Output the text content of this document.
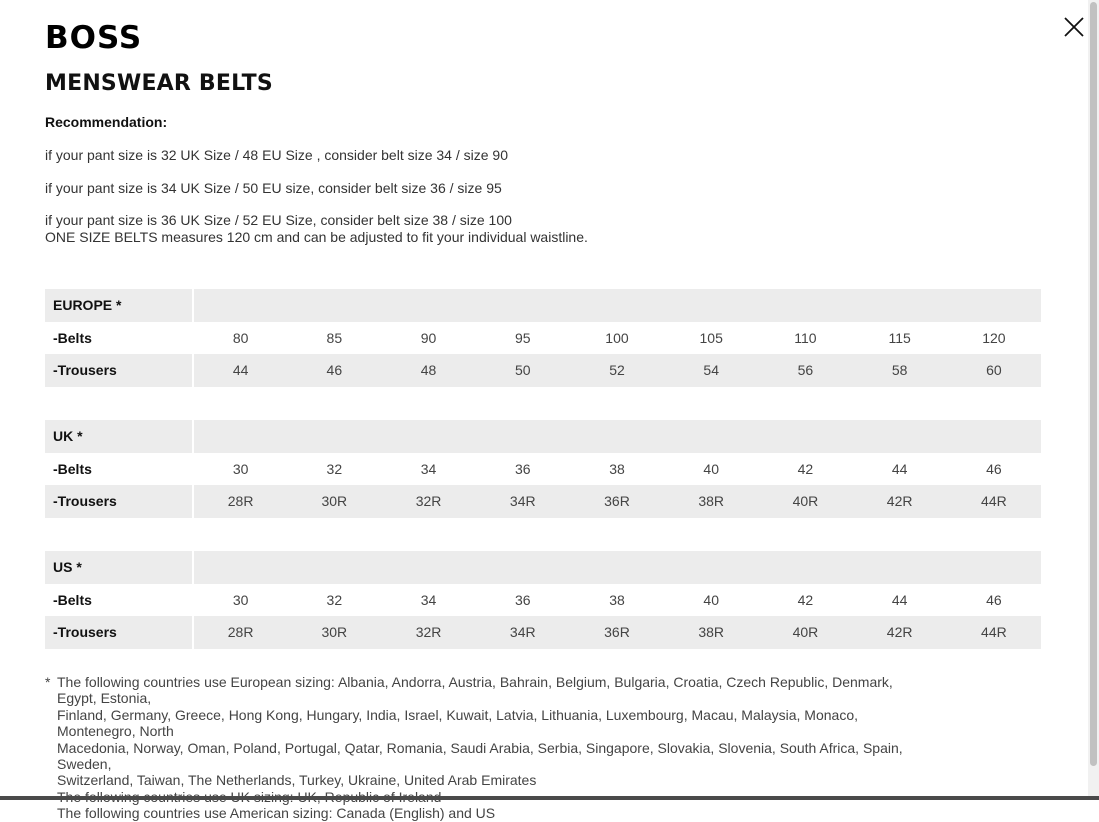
BOSS
MENSWEAR BELTS
Recommendation:
if your pant size is 32 UK Size / 48 EU Size , consider belt size 34 / size 90
if your pant size is 34 UK Size / 50 EU size, consider belt size 36 / size 95
if your pant size is 36 UK Size / 52 EU Size, consider belt size 38 / size 100
ONE SIZE BELTS measures 120 cm and can be adjusted to fit your individual waistline.
EUROPE *									
-Belts	80	85	90	95	100	105	110	115	120
-Trousers	44	46	48	50	52	54	56	58	60
UK *									
-Belts	30	32	34	36	38	40	42	44	46
-Trousers	28R	30R	32R	34R	36R	38R	40R	42R	44R
US *									
-Belts	30	32	34	36	38	40	42	44	46
-Trousers	28R	30R	32R	34R	36R	38R	40R	42R	44R
* The following countries use European sizing: Albania, Andorra, Austria, Bahrain, Belgium, Bulgaria, Croatia, Czech Republic, Denmark, Egypt, Estonia,
Finland, Germany, Greece, Hong Kong, Hungary, India, Israel, Kuwait, Latvia, Lithuania, Luxembourg, Macau, Malaysia, Monaco, Montenegro, North
Macedonia, Norway, Oman, Poland, Portugal, Qatar, Romania, Saudi Arabia, Serbia, Singapore, Slovakia, Slovenia, South Africa, Spain, Sweden,
Switzerland, Taiwan, The Netherlands, Turkey, Ukraine, United Arab Emirates
The following countries use American sizing: Canada (English) and US
